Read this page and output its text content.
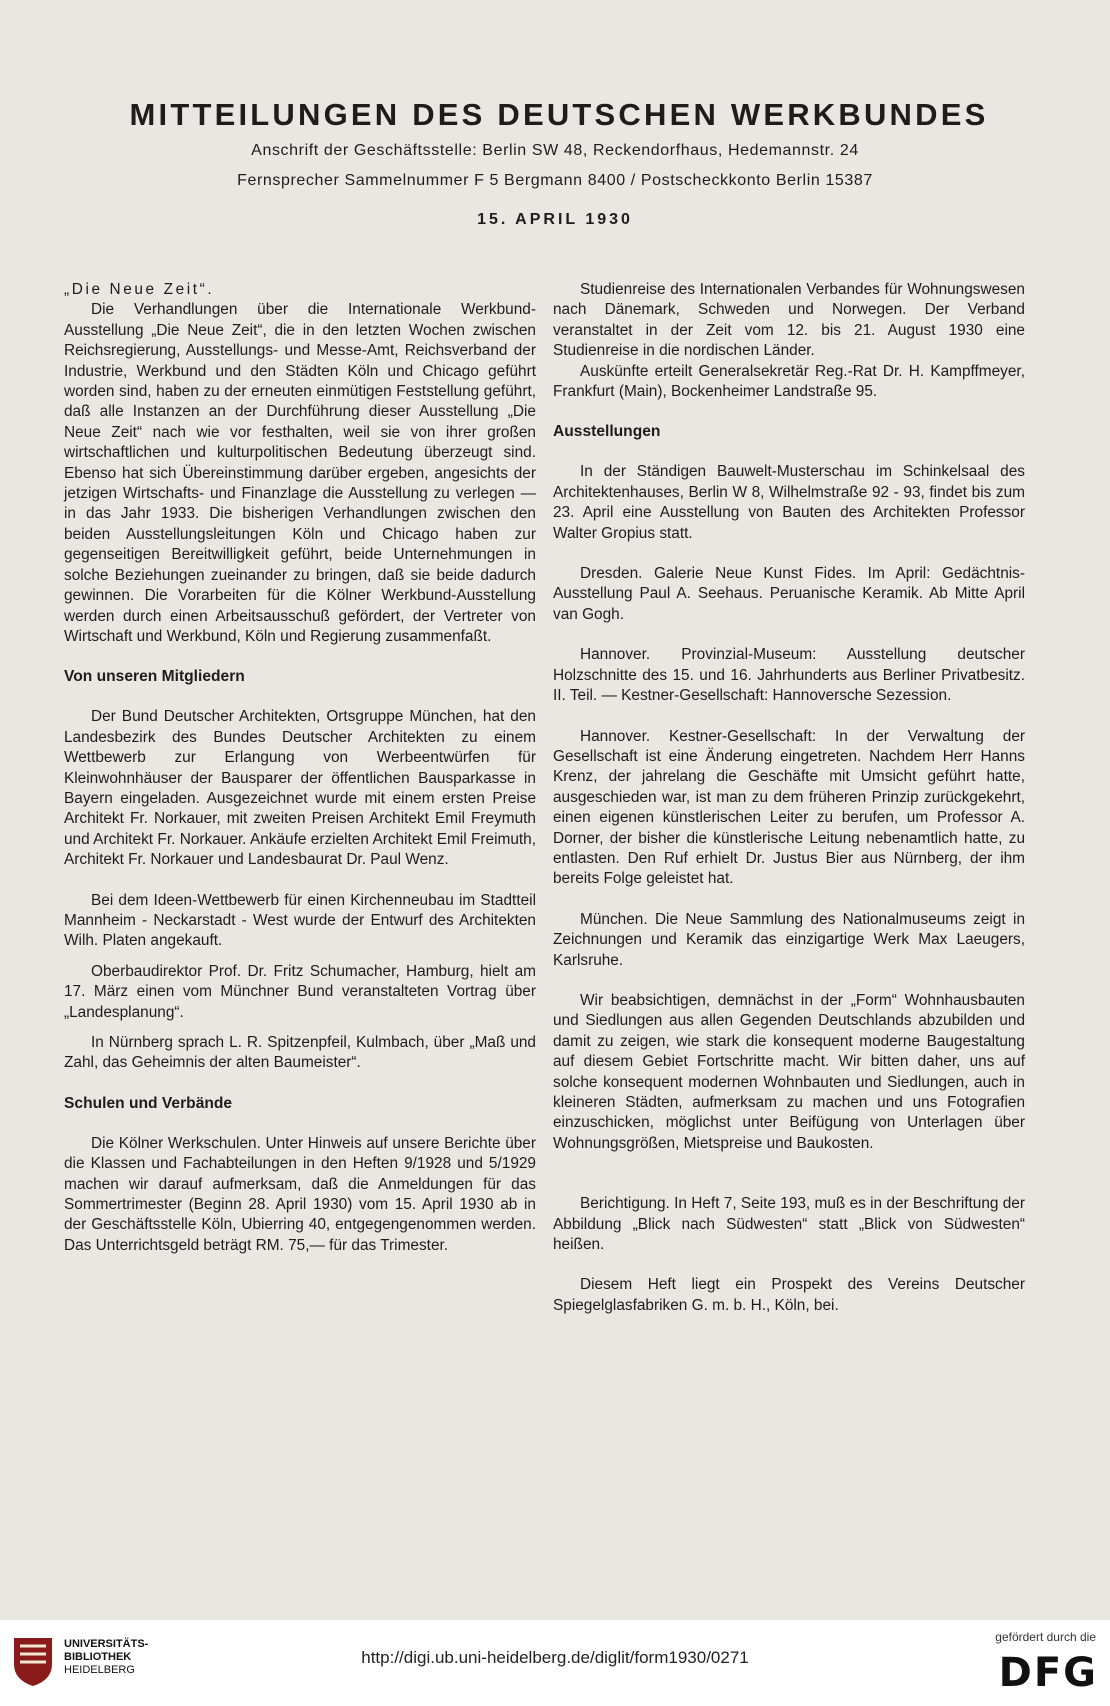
MITTEILUNGEN DES DEUTSCHEN WERKBUNDES
Anschrift der Geschäftsstelle: Berlin SW 48, Reckendorfhaus, Hedemannstr. 24
Fernsprecher Sammelnummer F 5 Bergmann 8400 / Postscheckkonto Berlin 15387
15. APRIL 1930

„Die Neue Zeit“.

Die Verhandlungen über die Internationale Werkbund-Ausstellung „Die Neue Zeit“, die in den letzten Wochen zwischen Reichsregierung, Ausstellungs- und Messe-Amt, Reichsverband der Industrie, Werkbund und den Städten Köln und Chicago geführt worden sind, haben zu der erneuten einmütigen Feststellung geführt, daß alle Instanzen an der Durchführung dieser Ausstellung „Die Neue Zeit“ nach wie vor festhalten, weil sie von ihrer großen wirtschaftlichen und kulturpolitischen Bedeutung überzeugt sind. Ebenso hat sich Übereinstimmung darüber ergeben, angesichts der jetzigen Wirtschafts- und Finanzlage die Ausstellung zu verlegen — in das Jahr 1933. Die bisherigen Verhandlungen zwischen den beiden Ausstellungsleitungen Köln und Chicago haben zur gegenseitigen Bereitwilligkeit geführt, beide Unternehmungen in solche Beziehungen zueinander zu bringen, daß sie beide dadurch gewinnen. Die Vorarbeiten für die Kölner Werkbund-Ausstellung werden durch einen Arbeitsausschuß gefördert, der Vertreter von Wirtschaft und Werkbund, Köln und Regierung zusammenfaßt.

Von unseren Mitgliedern

Der Bund Deutscher Architekten, Ortsgruppe München, hat den Landesbezirk des Bundes Deutscher Architekten zu einem Wettbewerb zur Erlangung von Werbeentwürfen für Kleinwohnhäuser der Bausparer der öffentlichen Bausparkasse in Bayern eingeladen. Ausgezeichnet wurde mit einem ersten Preise Architekt Fr. Norkauer, mit zweiten Preisen Architekt Emil Freymuth und Architekt Fr. Norkauer. Ankäufe erzielten Architekt Emil Freimuth, Architekt Fr. Norkauer und Landesbaurat Dr. Paul Wenz.

Bei dem Ideen-Wettbewerb für einen Kirchenneubau im Stadtteil Mannheim - Neckarstadt - West wurde der Entwurf des Architekten Wilh. Platen angekauft.

Oberbaudirektor Prof. Dr. Fritz Schumacher, Hamburg, hielt am 17. März einen vom Münchner Bund veranstalteten Vortrag über „Landesplanung“.

In Nürnberg sprach L. R. Spitzenpfeil, Kulmbach, über „Maß und Zahl, das Geheimnis der alten Baumeister“.

Schulen und Verbände

Die Kölner Werkschulen. Unter Hinweis auf unsere Berichte über die Klassen und Fachabteilungen in den Heften 9/1928 und 5/1929 machen wir darauf aufmerksam, daß die Anmeldungen für das Sommertrimester (Beginn 28. April 1930) vom 15. April 1930 ab in der Geschäftsstelle Köln, Ubierring 40, entgegengenommen werden. Das Unterrichtsgeld beträgt RM. 75,— für das Trimester.

Studienreise des Internationalen Verbandes für Wohnungswesen nach Dänemark, Schweden und Norwegen. Der Verband veranstaltet in der Zeit vom 12. bis 21. August 1930 eine Studienreise in die nordischen Länder.

Auskünfte erteilt Generalsekretär Reg.-Rat Dr. H. Kampffmeyer, Frankfurt (Main), Bockenheimer Landstraße 95.

Ausstellungen

In der Ständigen Bauwelt-Musterschau im Schinkelsaal des Architektenhauses, Berlin W 8, Wilhelmstraße 92 - 93, findet bis zum 23. April eine Ausstellung von Bauten des Architekten Professor Walter Gropius statt.

Dresden. Galerie Neue Kunst Fides. Im April: Gedächtnis-Ausstellung Paul A. Seehaus. Peruanische Keramik. Ab Mitte April van Gogh.

Hannover. Provinzial-Museum: Ausstellung deutscher Holzschnitte des 15. und 16. Jahrhunderts aus Berliner Privatbesitz. II. Teil. — Kestner-Gesellschaft: Hannoversche Sezession.

Hannover. Kestner-Gesellschaft: In der Verwaltung der Gesellschaft ist eine Änderung eingetreten. Nachdem Herr Hanns Krenz, der jahrelang die Geschäfte mit Umsicht geführt hatte, ausgeschieden war, ist man zu dem früheren Prinzip zurückgekehrt, einen eigenen künstlerischen Leiter zu berufen, um Professor A. Dorner, der bisher die künstlerische Leitung nebenamtlich hatte, zu entlasten. Den Ruf erhielt Dr. Justus Bier aus Nürnberg, der ihm bereits Folge geleistet hat.

München. Die Neue Sammlung des Nationalmuseums zeigt in Zeichnungen und Keramik das einzigartige Werk Max Laeugers, Karlsruhe.

Wir beabsichtigen, demnächst in der „Form“ Wohnhausbauten und Siedlungen aus allen Gegenden Deutschlands abzubilden und damit zu zeigen, wie stark die konsequent moderne Baugestaltung auf diesem Gebiet Fortschritte macht. Wir bitten daher, uns auf solche konsequent modernen Wohnbauten und Siedlungen, auch in kleineren Städten, aufmerksam zu machen und uns Fotografien einzuschicken, möglichst unter Beifügung von Unterlagen über Wohnungsgrößen, Mietspreise und Baukosten.

Berichtigung. In Heft 7, Seite 193, muß es in der Beschriftung der Abbildung „Blick nach Südwesten“ statt „Blick von Südwesten“ heißen.

Diesem Heft liegt ein Prospekt des Vereins Deutscher Spiegelglasfabriken G. m. b. H., Köln, bei.

UNIVERSITÄTS-
BIBLIOTHEK
HEIDELBERG
http://digi.ub.uni-heidelberg.de/diglit/form1930/0271
gefördert durch die
DFG
